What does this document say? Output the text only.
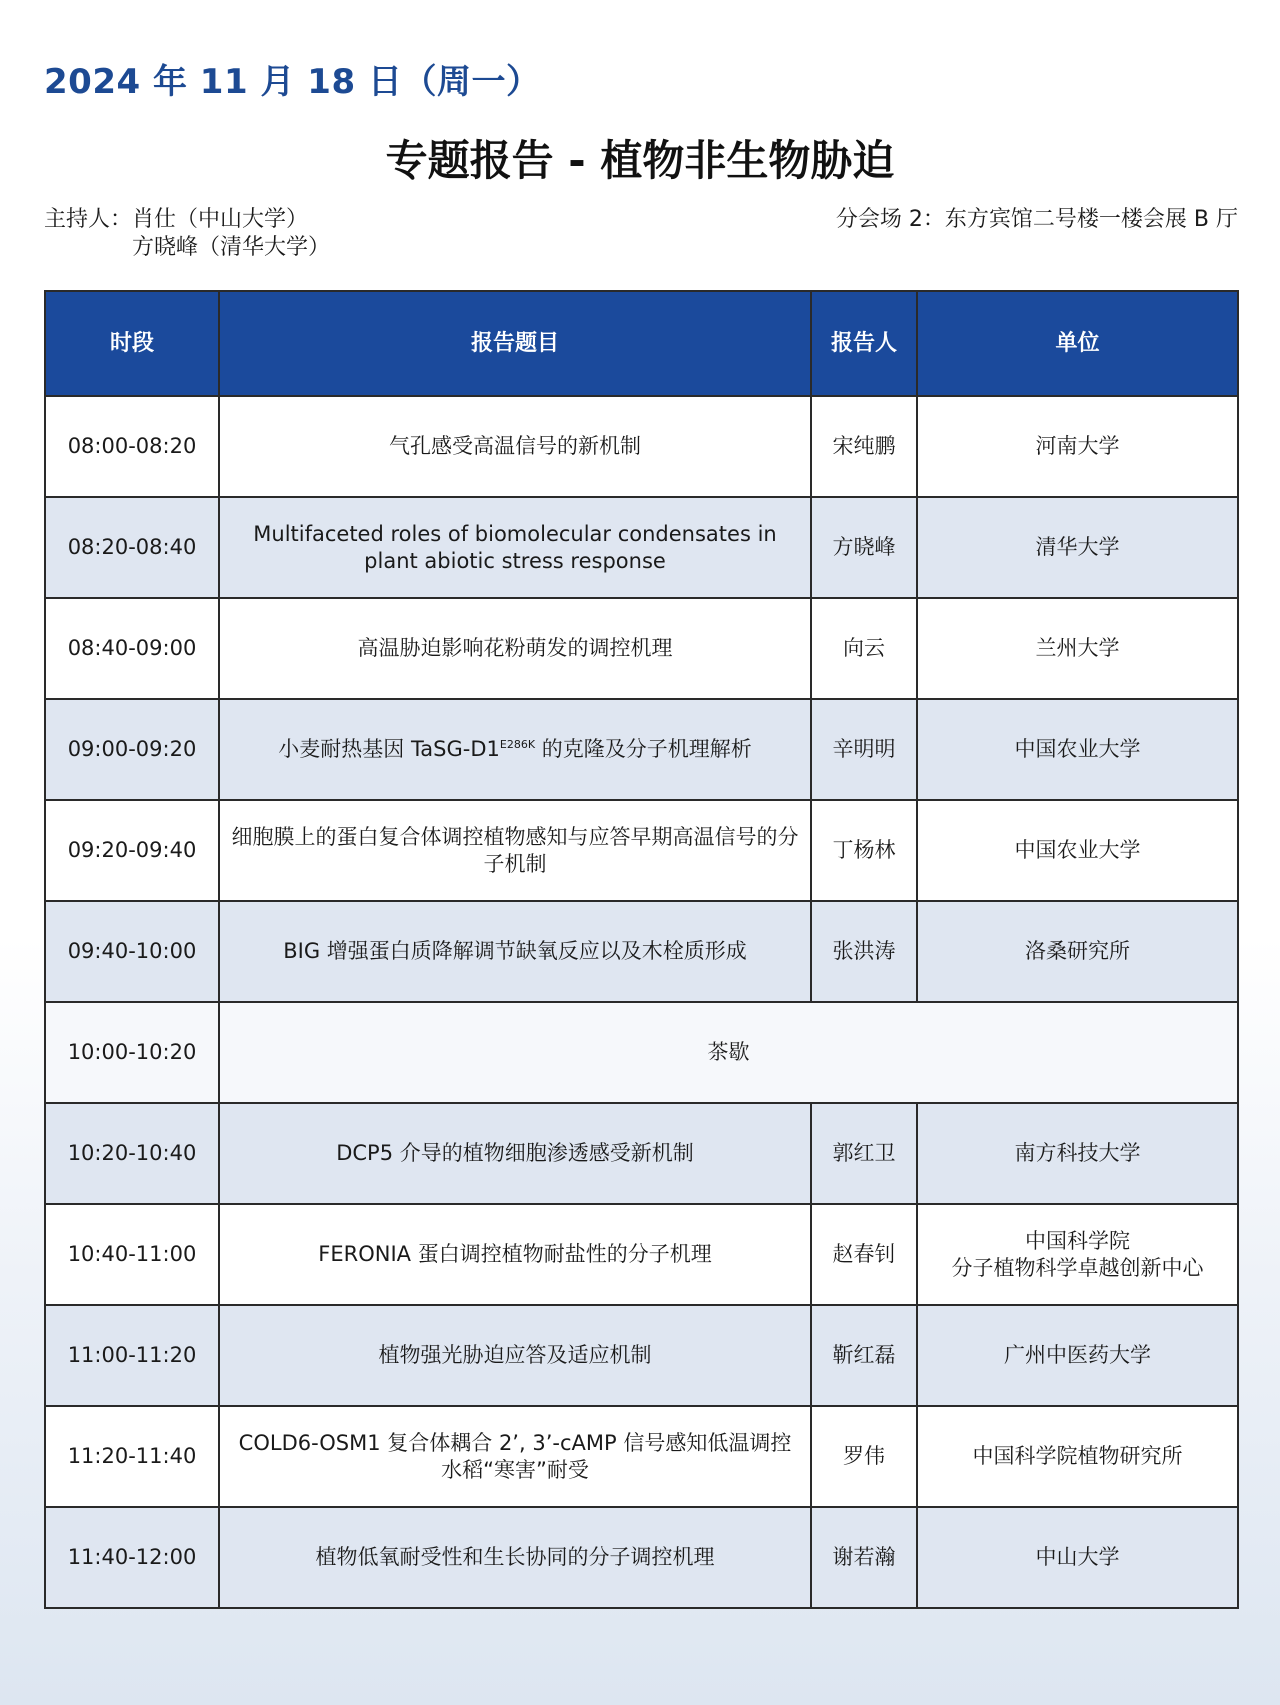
2024 年 11 月 18 日（周一）
专题报告 - 植物非生物胁迫
主持人： 肖仕（中山大学）
方晓峰（清华大学）
分会场 2：东方宾馆二号楼一楼会展 B 厅
时段	报告题目	报告人	单位
08:00-08:20	气孔感受高温信号的新机制	宋纯鹏	河南大学
08:20-08:40	Multifaceted roles of biomolecular condensates in plant abiotic stress response	方晓峰	清华大学
08:40-09:00	高温胁迫影响花粉萌发的调控机理	向云	兰州大学
09:00-09:20	小麦耐热基因 TaSG-$D1^{E286K}$ 的克隆及分子机理解析	辛明明	中国农业大学
09:20-09:40	细胞膜上的蛋白复合体调控植物感知与应答早期高温信号的分子机制	丁杨林	中国农业大学
09:40-10:00	BIG 增强蛋白质降解调节缺氧反应以及木栓质形成	张洪涛	洛桑研究所
10:00-10:20	茶歇		
10:20-10:40	DCP5 介导的植物细胞渗透感受新机制	郭红卫	南方科技大学
10:40-11:00	FERONIA 蛋白调控植物耐盐性的分子机理	赵春钊	中国科学院
分子植物科学卓越创新中心

11:00-11:20	植物强光胁迫应答及适应机制	靳红磊	广州中医药大学
11:20-11:40	COLD6-OSM1 复合体耦合 2’, 3’-cAMP 信号感知低温调控水稻“寒害”耐受	罗伟	中国科学院植物研究所
11:40-12:00	植物低氧耐受性和生长协同的分子调控机理	谢若瀚	中山大学
